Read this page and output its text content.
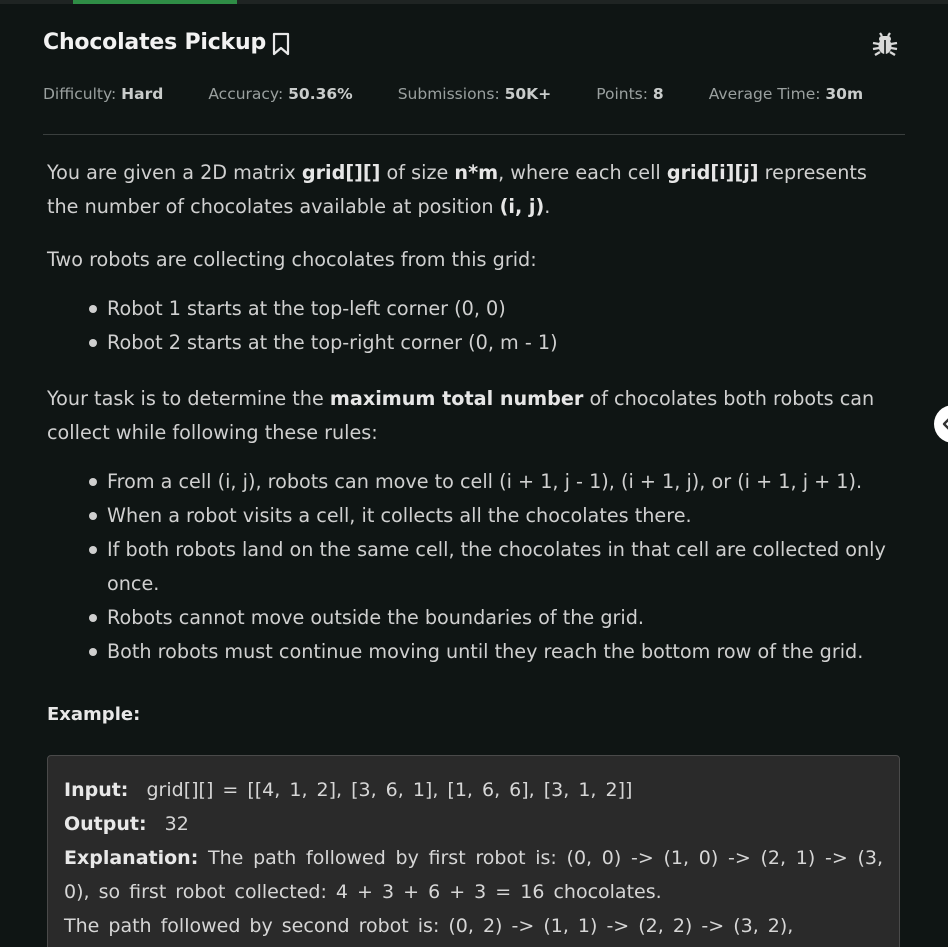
Chocolates Pickup
Difficulty: Hard	Accuracy: 50.36%	Submissions: 50K+	Points: 8	Average Time: 30m

You are given a 2D matrix grid[][] of size n*m, where each cell grid[i][j] represents the number of chocolates available at position (i, j).

Two robots are collecting chocolates from this grid:

Robot 1 starts at the top-left corner (0, 0)
Robot 2 starts at the top-right corner (0, m - 1)

Your task is to determine the maximum total number of chocolates both robots can collect while following these rules:

From a cell (i, j), robots can move to cell (i + 1, j - 1), (i + 1, j), or (i + 1, j + 1).
When a robot visits a cell, it collects all the chocolates there.
If both robots land on the same cell, the chocolates in that cell are collected only once.
Robots cannot move outside the boundaries of the grid.
Both robots must continue moving until they reach the bottom row of the grid.
Example:
Input: grid[][] = [[4, 1, 2], [3, 6, 1], [1, 6, 6], [3, 1, 2]]
Output: 32
Explanation: The path followed by first robot is: (0, 0) -> (1, 0) -> (2, 1) -> (3, 0), so first robot collected: 4 + 3 + 6 + 3 = 16 chocolates.
The path followed by second robot is: (0, 2) -> (1, 1) -> (2, 2) -> (3, 2),
